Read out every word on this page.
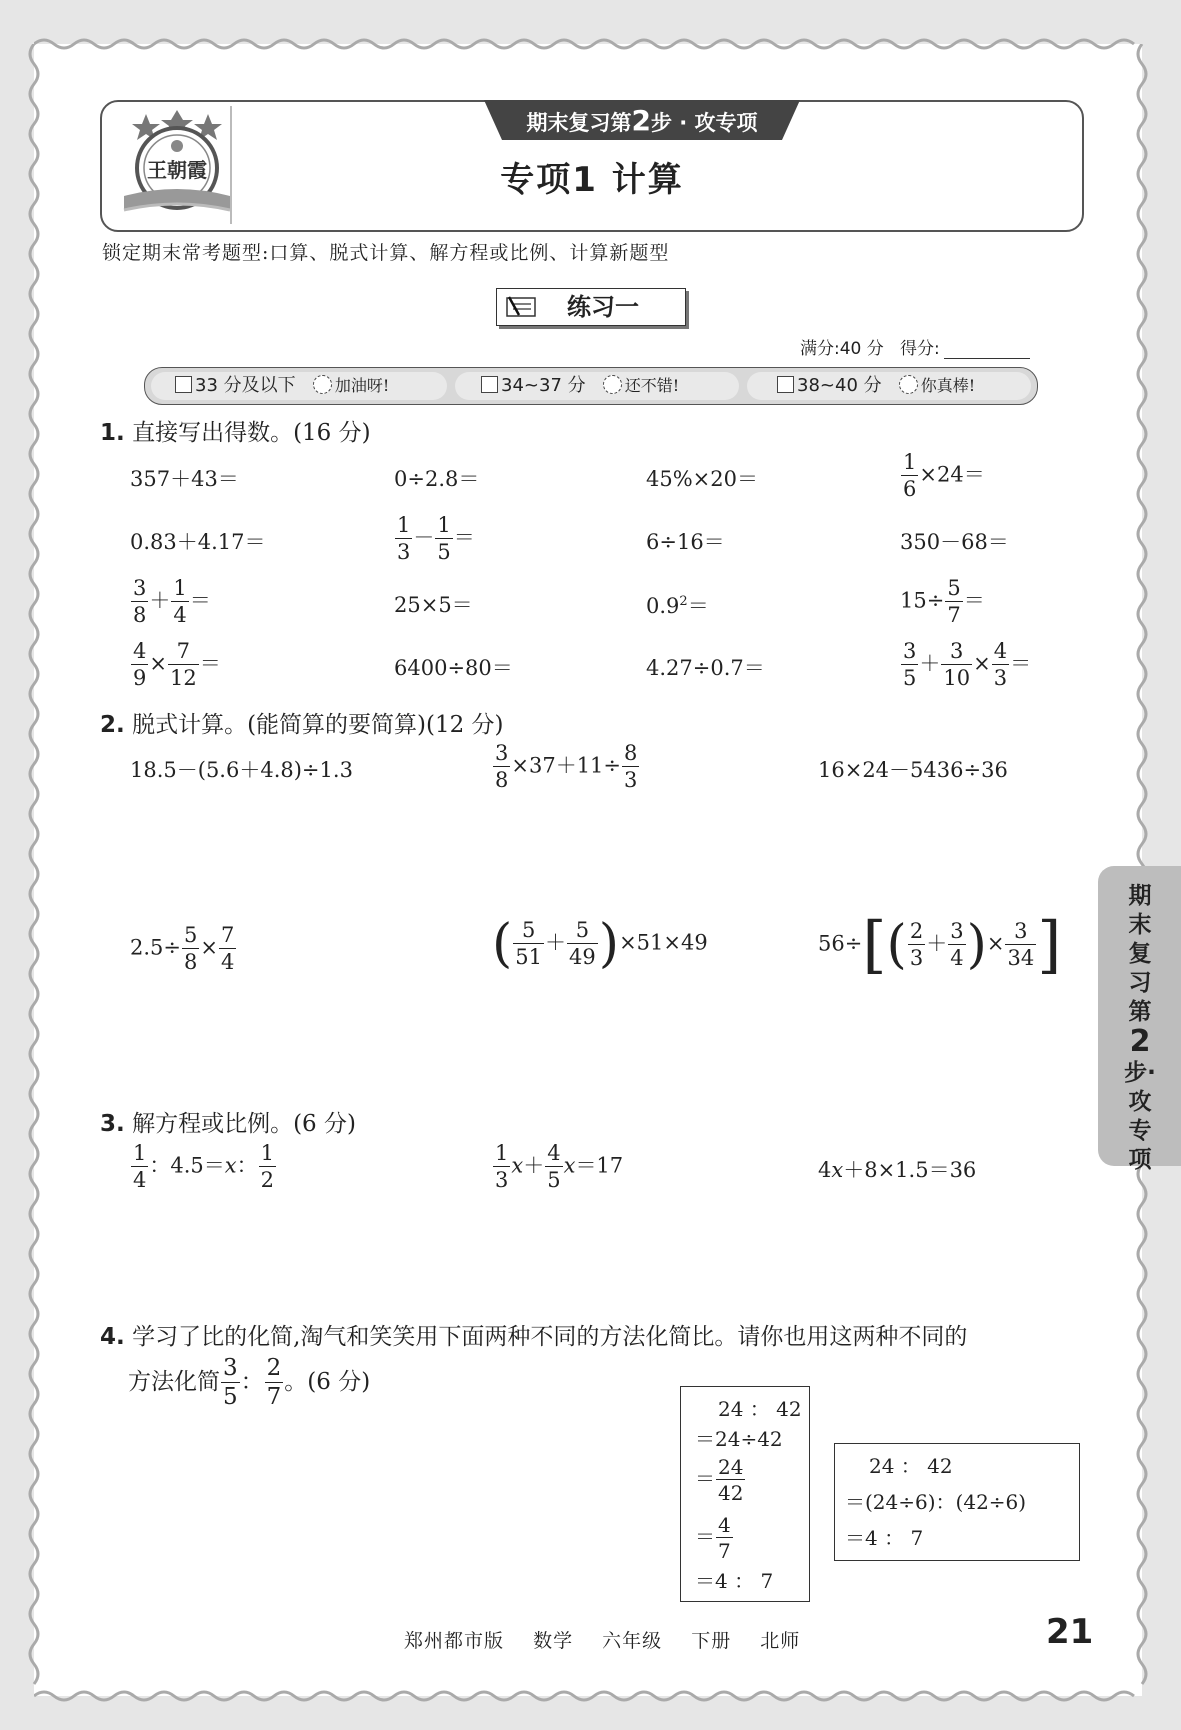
王朝霞
期末复习第2步 · 攻专项
专项1 计算
锁定期末常考题型:口算、脱式计算、解方程或比例、计算新题型
练习一
满分:40 分 得分:
33 分及以下 加油呀!	34~37 分 还不错!	38~40 分 你真棒!
1. 直接写出得数。(16 分)
357＋43＝	0÷2.8＝	45%×20＝	$\frac{1}{6} \times 24=$
0.83＋4.17＝	$\frac{1}{3} - \frac{1}{5}$ ＝	6÷16＝	350－68＝
$\frac{3}{8} + \frac{1}{4}$ ＝	25×5＝	$0.9^2=$	$15\div \frac{5}{7}$ ＝
$\frac{4}{9} \times \frac{7}{12}$ ＝	6400÷80＝	4.27÷0.7＝	$\frac{3}{5} + \frac{3}{10} \times \frac{4}{3}$ ＝
2. 脱式计算。(能简算的要简算)(12 分)
18.5－(5.6＋4.8)÷1.3	$\frac{3}{8} \times 37+11\div \frac{8}{3}$	16×24－5436÷36
$2.5\div \frac{5}{8} \times \frac{7}{4}$	( $\frac{5}{51} + \frac{5}{49} )\times 51\times 49$	$56\div[( \frac{2}{3} + \frac{3}{4}$ )× $\frac{3}{34}$ ]
3. 解方程或比例。(6 分)
$\frac{1}{4}$ ：4.5＝x： $\frac{1}{2}$	$\frac{1}{3} x+ \frac{4}{5} x=17$	4x＋8×1.5＝36
4. 学习了比的化简,淘气和笑笑用下面两种不同的方法化简比。请你也用这两种不同的
方法化简 $\frac{3}{5}$ ： $\frac{2}{7}$ 。(6 分)
24 ： 42
＝24÷42
＝ $\frac{24}{42}$
＝ $\frac{4}{7}$
＝4 ： 7
24 ： 42
＝(24÷6)：(42÷6)
＝4 ： 7
期末复习第2步·攻专项
郑州都市版 数学 六年级 下册 北师	21
